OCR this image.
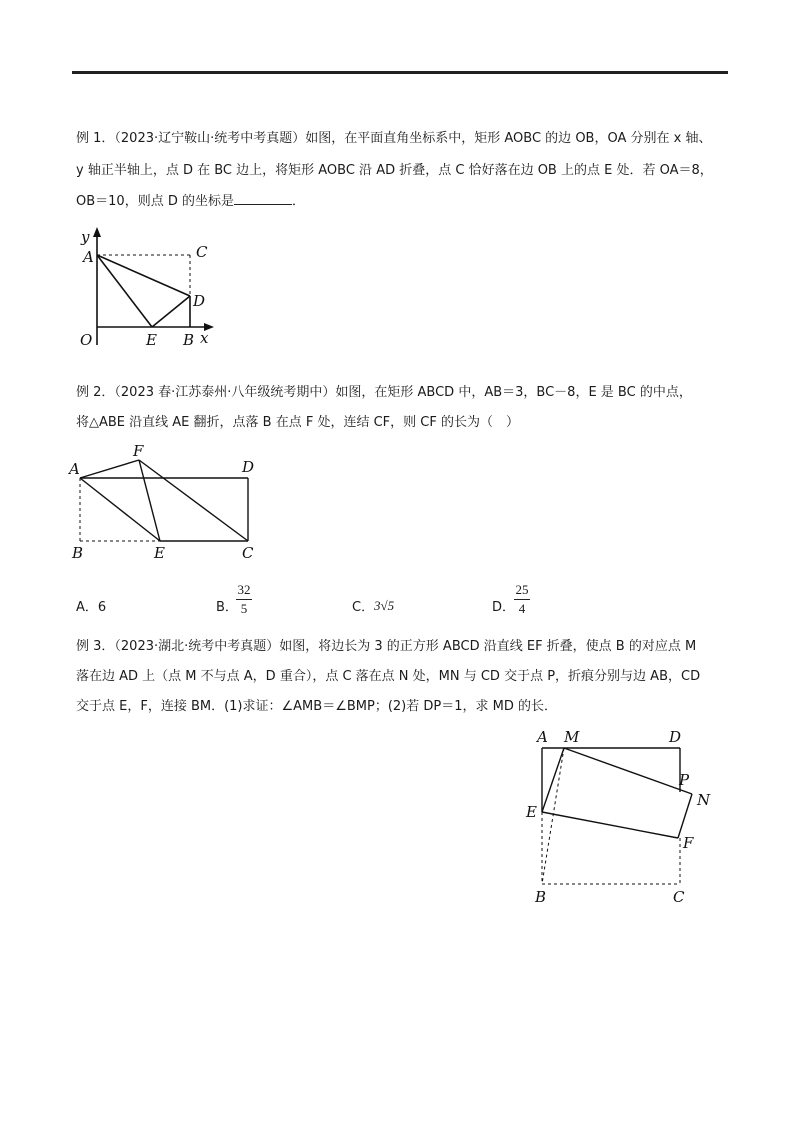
例 1．（2023·辽宁鞍山·统考中考真题）如图，在平面直角坐标系中，矩形 AOBC 的边 OB，OA 分别在 x 轴、
y 轴正半轴上，点 D 在 BC 边上，将矩形 AOBC 沿 AD 折叠，点 C 恰好落在边 OB 上的点 E 处．若 OA＝8，
OB＝10，则点 D 的坐标是	．
y
x
A	C
D
O	E B
例 2．（2023 春·江苏泰州·八年级统考期中）如图，在矩形 ABCD 中，AB＝3，BC－8，E 是 BC 的中点，
将△ABE 沿直线 AE 翻折，点落 B 在点 F 处，连结 CF，则 CF 的长为（　）
A
F
D
B	E	C
A．6	B．
32
5	C． 3√5	D．
25
4
例 3．（2023·湖北·统考中考真题）如图，将边长为 3 的正方形 ABCD 沿直线 EF 折叠，使点 B 的对应点 M
落在边 AD 上（点 M 不与点 A，D 重合），点 C 落在点 N 处，MN 与 CD 交于点 P，折痕分别与边 AB，CD
交于点 E，F，连接 BM．(1)求证：∠AMB＝∠BMP；(2)若 DP＝1，求 MD 的长．
A M	D
P
N
E
F
B	C
